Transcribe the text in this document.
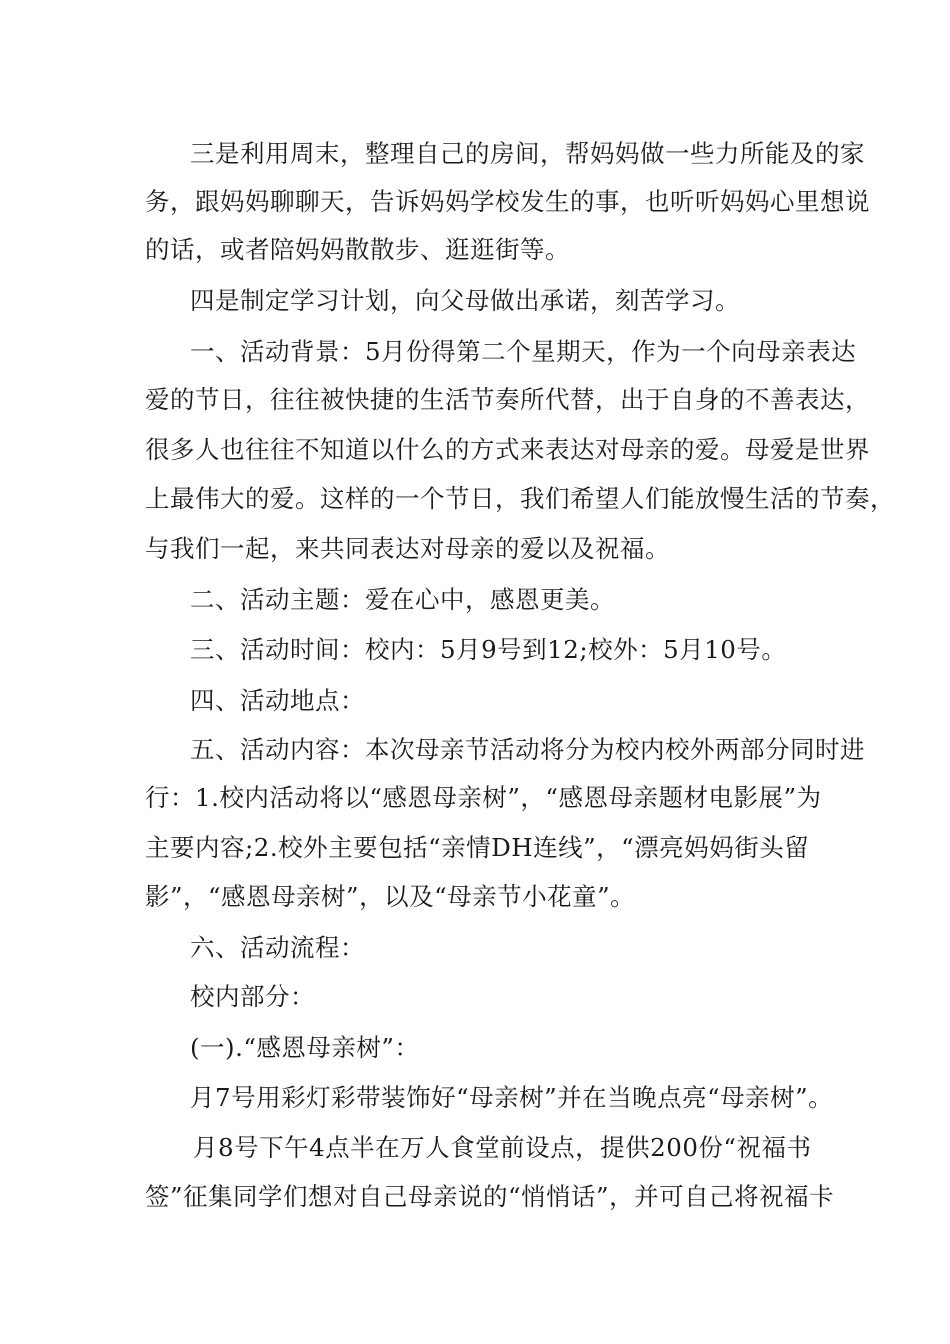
三是利用周末，整理自己的房间，帮妈妈做一些力所能及的家
务，跟妈妈聊聊天，告诉妈妈学校发生的事，也听听妈妈心里想说
的话，或者陪妈妈散散步、逛逛街等。
四是制定学习计划，向父母做出承诺，刻苦学习。
一、活动背景：5月份得第二个星期天，作为一个向母亲表达
爱的节日，往往被快捷的生活节奏所代替，出于自身的不善表达，
很多人也往往不知道以什么的方式来表达对母亲的爱。母爱是世界
上最伟大的爱。这样的一个节日，我们希望人们能放慢生活的节奏，
与我们一起，来共同表达对母亲的爱以及祝福。
二、活动主题：爱在心中，感恩更美。
三、活动时间：校内：5月9号到12;校外：5月10号。
四、活动地点：
五、活动内容：本次母亲节活动将分为校内校外两部分同时进
行：1.校内活动将以“感恩母亲树”，“感恩母亲题材电影展”为
主要内容;2.校外主要包括“亲情DH连线”，“漂亮妈妈街头留
影”，“感恩母亲树”，以及“母亲节小花童”。
六、活动流程：
校内部分：
(一).“感恩母亲树”：
月7号用彩灯彩带装饰好“母亲树”并在当晚点亮“母亲树”。
月8号下午4点半在万人食堂前设点，提供200份“祝福书
签”征集同学们想对自己母亲说的“悄悄话”，并可自己将祝福卡
